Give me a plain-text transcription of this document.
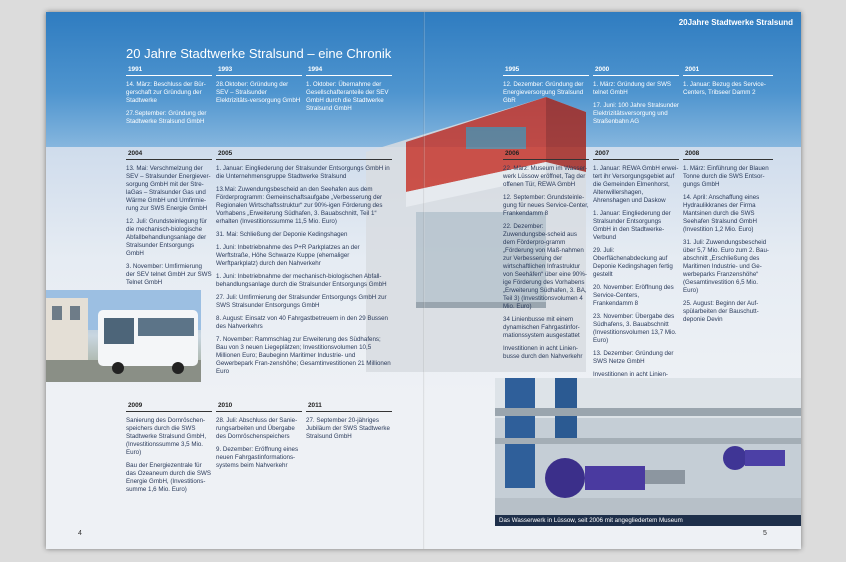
20Jahre Stadtwerke Stralsund
20 Jahre Stadtwerke Stralsund – eine Chronik
1991

14. März: Beschluss der Bür-gerschaft zur Gründung der Stadtwerke

27.September: Gründung der Stadtwerke Stralsund GmbH

1993

28.Oktober: Gründung der SEV – Stralsunder Elektrizitäts-versorgung GmbH

1994

1. Oktober: Übernahme der Gesellschafteranteile der SEV GmbH durch die Stadtwerke Stralsund GmbH

1995

12. Dezember: Gründung der Energieversorgung Stralsund GbR

2000

1. März: Gründung der SWS telnet GmbH

17. Juni: 100 Jahre Stralsunder Elektrizitätsversorgung und Straßenbahn AG

2001

1. Januar: Bezug des Service-Centers, Tribseer Damm 2

2004

13. Mai: Verschmelzung der SEV – Stralsunder Energiever-sorgung GmbH mit der Stre-laGas – Stralsunder Gas und Wärme GmbH und Umfirmie-rung zur SWS Energie GmbH

12. Juli: Grundsteinlegung für die mechanisch-biologische Abfallbehandlungsanlage der Stralsunder Entsorgungs GmbH

3. November: Umfirmierung der SEV telnet GmbH zur SWS Telnet GmbH

2005

1. Januar: Eingliederung der Stralsunder Entsorgungs GmbH in die Unternehmensgruppe Stadtwerke Stralsund

13.Mai: Zuwendungsbescheid an den Seehafen aus dem Förderprogramm: Gemeinschaftsaufgabe „Verbesserung der Regionalen Wirtschaftsstruktur“ zur 90%-igen Förderung des Vorhabens „Erweiterung Südhafen, 3. Bauabschnitt, Teil 1“ erhalten (Investitionssumme 11,5 Mio. Euro)

31. Mai: Schließung der Deponie Kedingshagen

1. Juni: Inbetriebnahme des P+R Parkplatzes an der Werftstraße, Höhe Schwarze Kuppe (ehemaliger Werftparkplatz) durch den Nahverkehr

1. Juni: Inbetriebnahme der mechanisch-biologischen Abfall-behandlungsanlage durch die Stralsunder Entsorgungs GmbH

27. Juli: Umfirmierung der Stralsunder Entsorgungs GmbH zur SWS Stralsunder Entsorgungs GmbH

8. August: Einsatz von 40 Fahrgastbetreuern in den 29 Bussen des Nahverkehrs

7. November: Rammschlag zur Erweiterung des Südhafens; Bau von 3 neuen Liegeplätzen; Investitionsvolumen 10,5 Millionen Euro; Baubeginn Maritimer Industrie- und Gewerbepark Fran-zenshöhe; Gesamtinvestitionen 21 Millionen Euro

2006

22. März: Museum im Wasser-werk Lüssow eröffnet, Tag der offenen Tür, REWA GmbH

12. September: Grundsteinle-gung für neues Service-Center, Frankendamm 8

22. Dezember: Zuwendungsbe-scheid aus dem Förderpro-gramm „Förderung von Maß-nahmen zur Verbesserung der wirtschaftlichen Infrastruktur von Seehäfen“ über eine 90%-ige Förderung des Vorhabens „Erweiterung Südhafen, 3. BA, Teil 3) (Investitionsvolumen 4 Mio. Euro)

34 Linienbusse mit einem dynamischen Fahrgastinfor-mationssystem ausgestattet

Investitionen in acht Linien-busse durch den Nahverkehr

2007

1. Januar: REWA GmbH erwei-tert ihr Versorgungsgebiet auf die Gemeinden Elmenhorst, Altenwillershagen, Ahrenshagen und Daskow

1. Januar: Eingliederung der Stralsunder Entsorgungs GmbH in den Stadtwerke-Verbund

29. Juli: Oberflächenabdeckung auf Deponie Kedingshagen fertig gestellt

20. November: Eröffnung des Service-Centers, Frankendamm 8

23. November: Übergabe des Südhafens, 3. Bauabschnitt (Investitionsvolumen 13,7 Mio. Euro)

13. Dezember: Gründung der SWS Netze GmbH

Investitionen in acht Linien-

2008

1. März: Einführung der Blauen Tonne durch die SWS Entsor-gungs GmbH

14. April: Anschaffung eines Hydraulikkranes der Firma Mantsinen durch die SWS Seehafen Stralsund GmbH (Investition 1,2 Mio. Euro)

31. Juli: Zuwendungsbescheid über 5,7 Mio. Euro zum 2. Bau-abschnitt „Erschließung des Maritimen Industrie- und Ge-werbeparks Franzenshöhe“ (Gesamtinvestition 6,5 Mio. Euro)

25. August: Beginn der Auf-spülarbeiten der Bauschutt-deponie Devin

2009

Sanierung des Dornröschen-speichers durch die SWS Stadtwerke Stralsund GmbH, (Investitionssumme 3,5 Mio. Euro)

Bau der Energiezentrale für das Ozeaneum durch die SWS Energie GmbH, (Investitions-summe 1,6 Mio. Euro)

2010

28. Juli: Abschluss der Sanie-rungsarbeiten und Übergabe des Dornröschenspeichers

9. Dezember: Eröffnung eines neuen Fahrgastinformations-systems beim Nahverkehr

2011

27. September 20-jähriges Jubiläum der SWS Stadtwerke Stralsund GmbH

Das Wasserwerk in Lüssow, seit 2006 mit angegliedertem Museum
4	5
